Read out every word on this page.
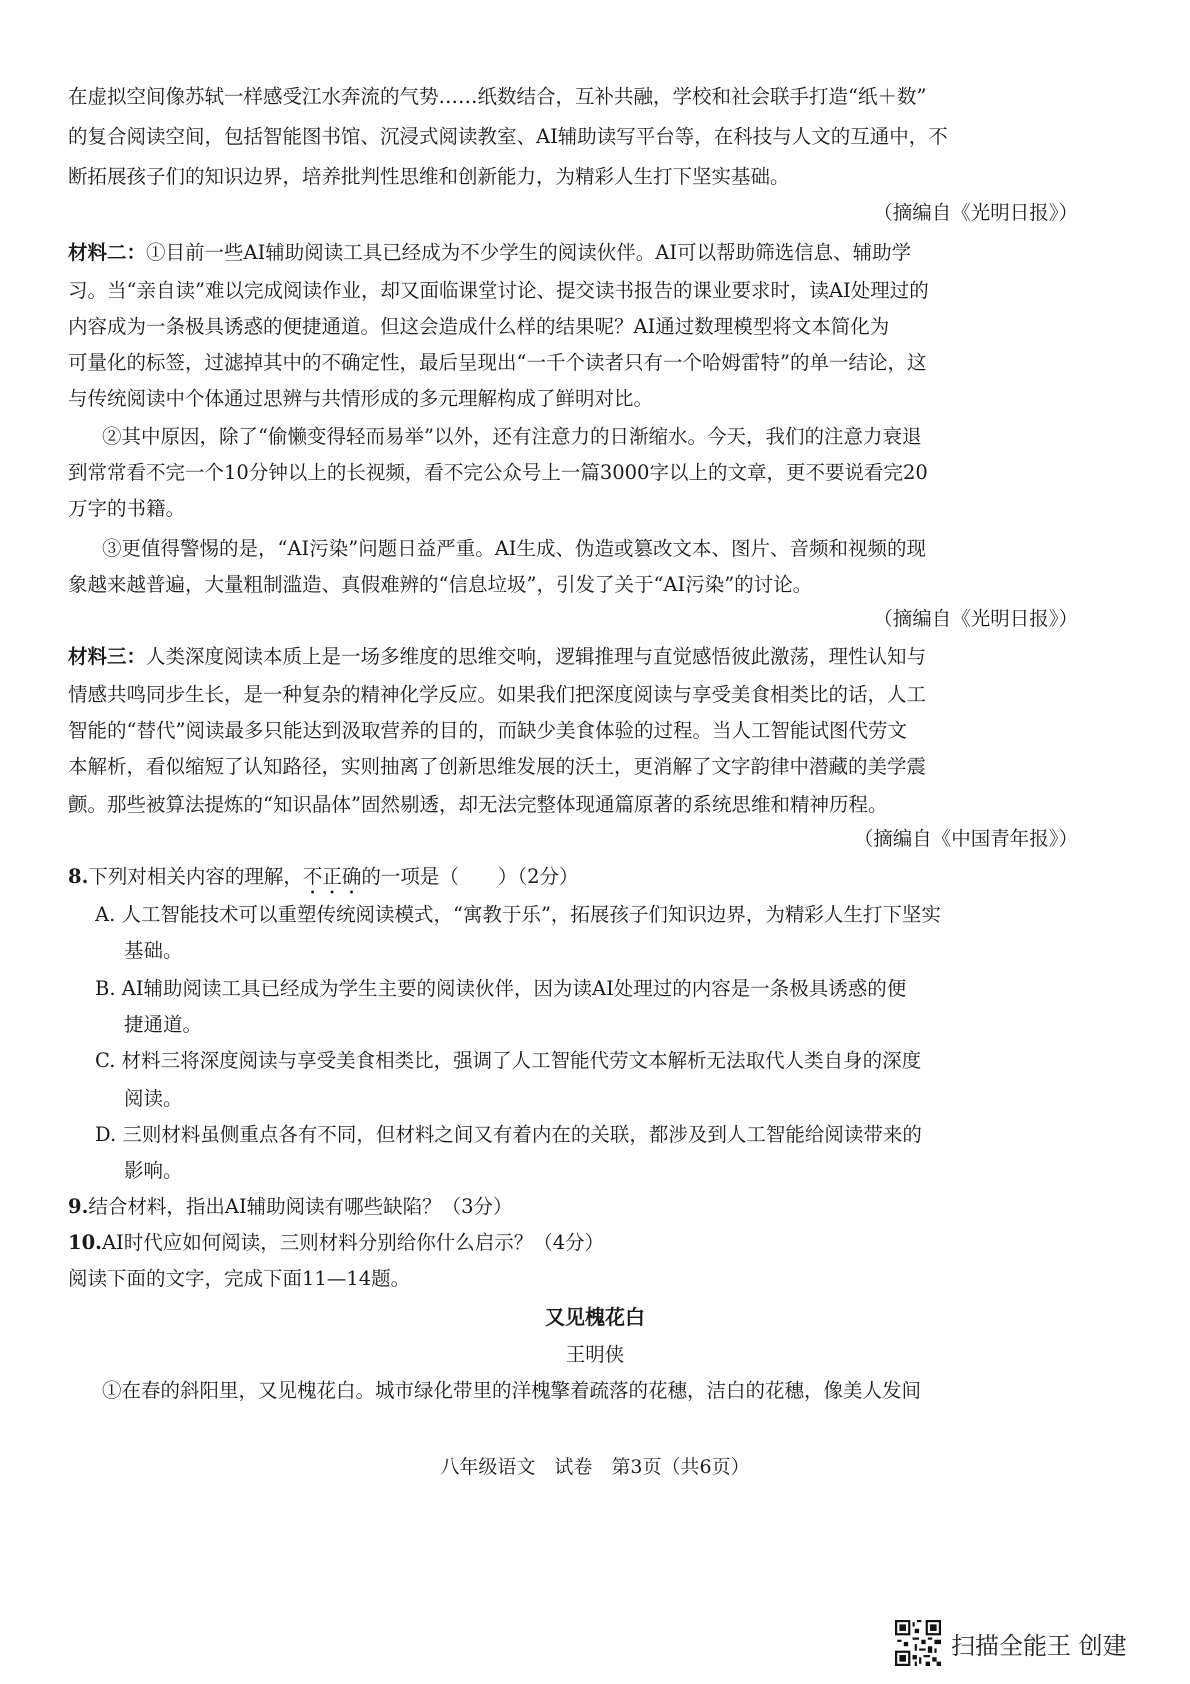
在虚拟空间像苏轼一样感受江水奔流的气势……纸数结合，互补共融，学校和社会联手打造“纸＋数”
的复合阅读空间，包括智能图书馆、沉浸式阅读教室、AI辅助读写平台等，在科技与人文的互通中，不
断拓展孩子们的知识边界，培养批判性思维和创新能力，为精彩人生打下坚实基础。
（摘编自《光明日报》）
材料二：①目前一些AI辅助阅读工具已经成为不少学生的阅读伙伴。AI可以帮助筛选信息、辅助学
习。当“亲自读”难以完成阅读作业，却又面临课堂讨论、提交读书报告的课业要求时，读AI处理过的
内容成为一条极具诱惑的便捷通道。但这会造成什么样的结果呢？AI通过数理模型将文本简化为
可量化的标签，过滤掉其中的不确定性，最后呈现出“一千个读者只有一个哈姆雷特”的单一结论，这
与传统阅读中个体通过思辨与共情形成的多元理解构成了鲜明对比。
②其中原因，除了“偷懒变得轻而易举”以外，还有注意力的日渐缩水。今天，我们的注意力衰退
到常常看不完一个10分钟以上的长视频，看不完公众号上一篇3000字以上的文章，更不要说看完20
万字的书籍。
③更值得警惕的是，“AI污染”问题日益严重。AI生成、伪造或篡改文本、图片、音频和视频的现
象越来越普遍，大量粗制滥造、真假难辨的“信息垃圾”，引发了关于“AI污染”的讨论。
（摘编自《光明日报》）
材料三：人类深度阅读本质上是一场多维度的思维交响，逻辑推理与直觉感悟彼此激荡，理性认知与
情感共鸣同步生长，是一种复杂的精神化学反应。如果我们把深度阅读与享受美食相类比的话，人工
智能的“替代”阅读最多只能达到汲取营养的目的，而缺少美食体验的过程。当人工智能试图代劳文
本解析，看似缩短了认知路径，实则抽离了创新思维发展的沃土，更消解了文字韵律中潜藏的美学震
颤。那些被算法提炼的“知识晶体”固然剔透，却无法完整体现通篇原著的系统思维和精神历程。
（摘编自《中国青年报》）
8.下列对相关内容的理解，不正确的一项是（　　）（2分）
A. 人工智能技术可以重塑传统阅读模式，“寓教于乐”，拓展孩子们知识边界，为精彩人生打下坚实
基础。
B. AI辅助阅读工具已经成为学生主要的阅读伙伴，因为读AI处理过的内容是一条极具诱惑的便
捷通道。
C. 材料三将深度阅读与享受美食相类比，强调了人工智能代劳文本解析无法取代人类自身的深度
阅读。
D. 三则材料虽侧重点各有不同，但材料之间又有着内在的关联，都涉及到人工智能给阅读带来的
影响。
9.结合材料，指出AI辅助阅读有哪些缺陷？（3分）
10.AI时代应如何阅读，三则材料分别给你什么启示？（4分）
阅读下面的文字，完成下面11—14题。
又见槐花白
王明侠
①在春的斜阳里，又见槐花白。城市绿化带里的洋槐擎着疏落的花穗，洁白的花穗，像美人发间
八年级语文　试卷　第3页（共6页）
扫描全能王 创建
